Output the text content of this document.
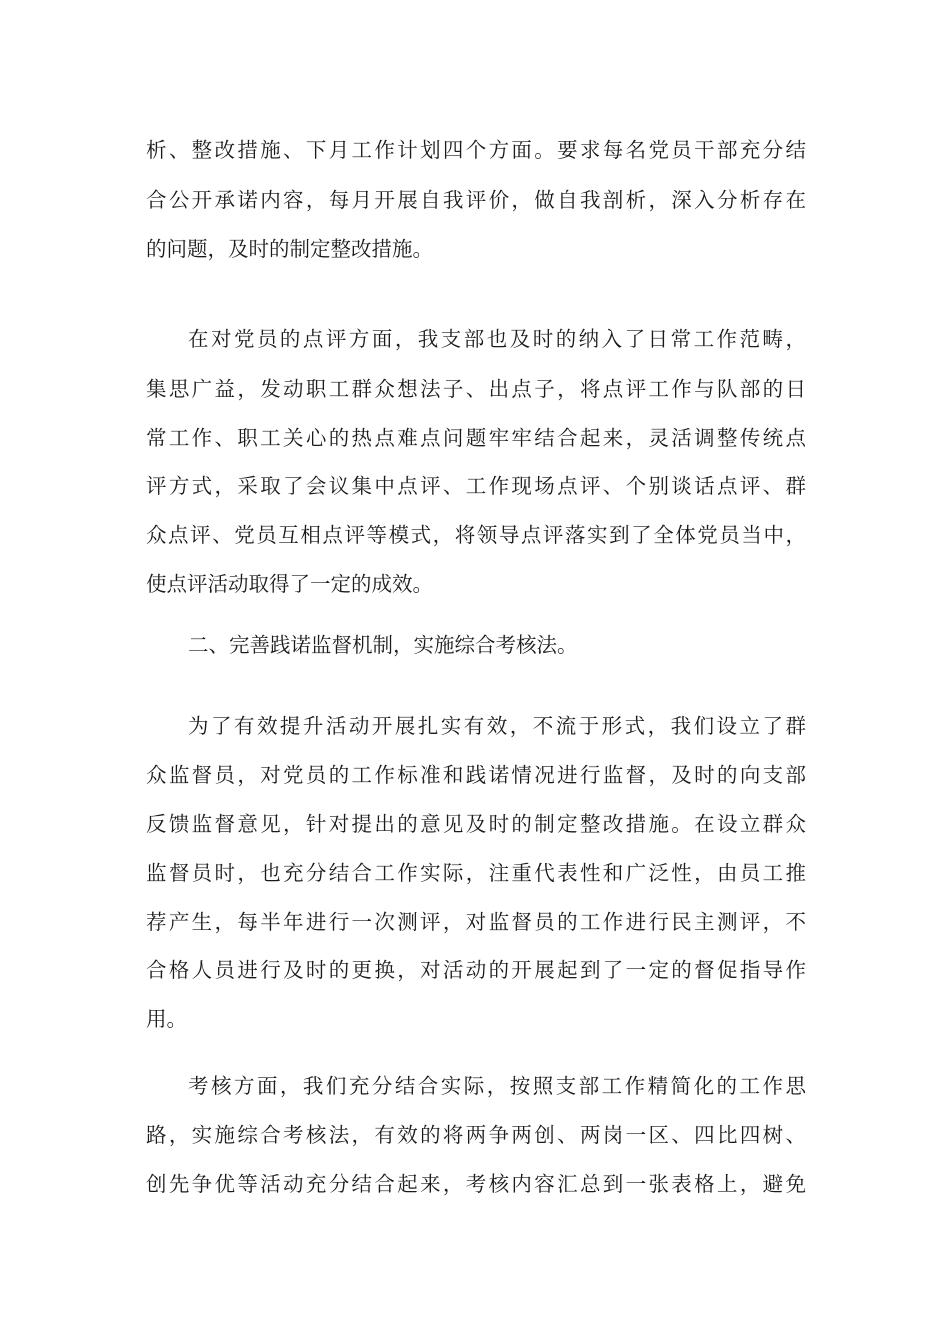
析、整改措施、下月工作计划四个方面。要求每名党员干部充分结
合公开承诺内容，每月开展自我评价，做自我剖析，深入分析存在
的问题，及时的制定整改措施。
在对党员的点评方面，我支部也及时的纳入了日常工作范畴，
集思广益，发动职工群众想法子、出点子，将点评工作与队部的日
常工作、职工关心的热点难点问题牢牢结合起来，灵活调整传统点
评方式，采取了会议集中点评、工作现场点评、个别谈话点评、群
众点评、党员互相点评等模式，将领导点评落实到了全体党员当中，
使点评活动取得了一定的成效。
二、完善践诺监督机制，实施综合考核法。
为了有效提升活动开展扎实有效，不流于形式，我们设立了群
众监督员，对党员的工作标准和践诺情况进行监督，及时的向支部
反馈监督意见，针对提出的意见及时的制定整改措施。在设立群众
监督员时，也充分结合工作实际，注重代表性和广泛性，由员工推
荐产生，每半年进行一次测评，对监督员的工作进行民主测评，不
合格人员进行及时的更换，对活动的开展起到了一定的督促指导作
用。
考核方面，我们充分结合实际，按照支部工作精简化的工作思
路，实施综合考核法，有效的将两争两创、两岗一区、四比四树、
创先争优等活动充分结合起来，考核内容汇总到一张表格上，避免
